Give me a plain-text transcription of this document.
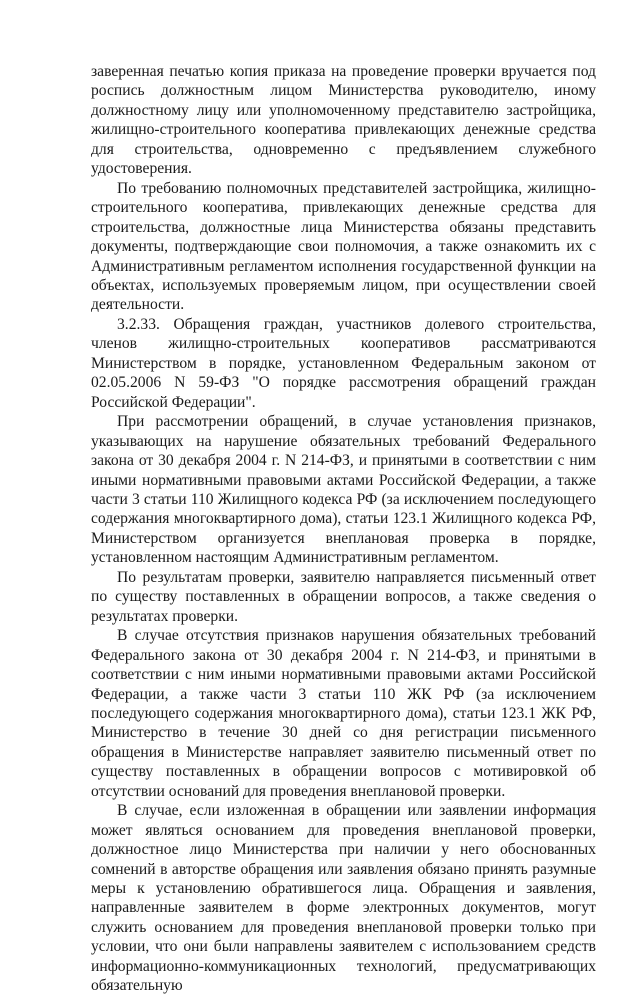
заверенная печатью копия приказа на проведение проверки вручается под роспись должностным лицом Министерства руководителю, иному должностному лицу или уполномоченному представителю застройщика, жилищно-строительного кооператива привлекающих денежные средства для строительства, одновременно с предъявлением служебного удостоверения.

По требованию полномочных представителей застройщика, жилищно-строительного кооператива, привлекающих денежные средства для строительства, должностные лица Министерства обязаны представить документы, подтверждающие свои полномочия, а также ознакомить их с Административным регламентом исполнения государственной функции на объектах, используемых проверяемым лицом, при осуществлении своей деятельности.

3.2.33. Обращения граждан, участников долевого строительства, членов жилищно-строительных кооперативов рассматриваются Министерством в порядке, установленном Федеральным законом от 02.05.2006 N 59-ФЗ "О порядке рассмотрения обращений граждан Российской Федерации".

При рассмотрении обращений, в случае установления признаков, указывающих на нарушение обязательных требований Федерального закона от 30 декабря 2004 г. N 214-ФЗ, и принятыми в соответствии с ним иными нормативными правовыми актами Российской Федерации, а также части 3 статьи 110 Жилищного кодекса РФ (за исключением последующего содержания многоквартирного дома), статьи 123.1 Жилищного кодекса РФ, Министерством организуется внеплановая проверка в порядке, установленном настоящим Административным регламентом.

По результатам проверки, заявителю направляется письменный ответ по существу поставленных в обращении вопросов, а также сведения о результатах проверки.

В случае отсутствия признаков нарушения обязательных требований Федерального закона от 30 декабря 2004 г. N 214-ФЗ, и принятыми в соответствии с ним иными нормативными правовыми актами Российской Федерации, а также части 3 статьи 110 ЖК РФ (за исключением последующего содержания многоквартирного дома), статьи 123.1 ЖК РФ, Министерство в течение 30 дней со дня регистрации письменного обращения в Министерстве направляет заявителю письменный ответ по существу поставленных в обращении вопросов с мотивировкой об отсутствии оснований для проведения внеплановой проверки.

В случае, если изложенная в обращении или заявлении информация может являться основанием для проведения внеплановой проверки, должностное лицо Министерства при наличии у него обоснованных сомнений в авторстве обращения или заявления обязано принять разумные меры к установлению обратившегося лица. Обращения и заявления, направленные заявителем в форме электронных документов, могут служить основанием для проведения внеплановой проверки только при условии, что они были направлены заявителем с использованием средств информационно-коммуникационных технологий, предусматривающих обязательную
